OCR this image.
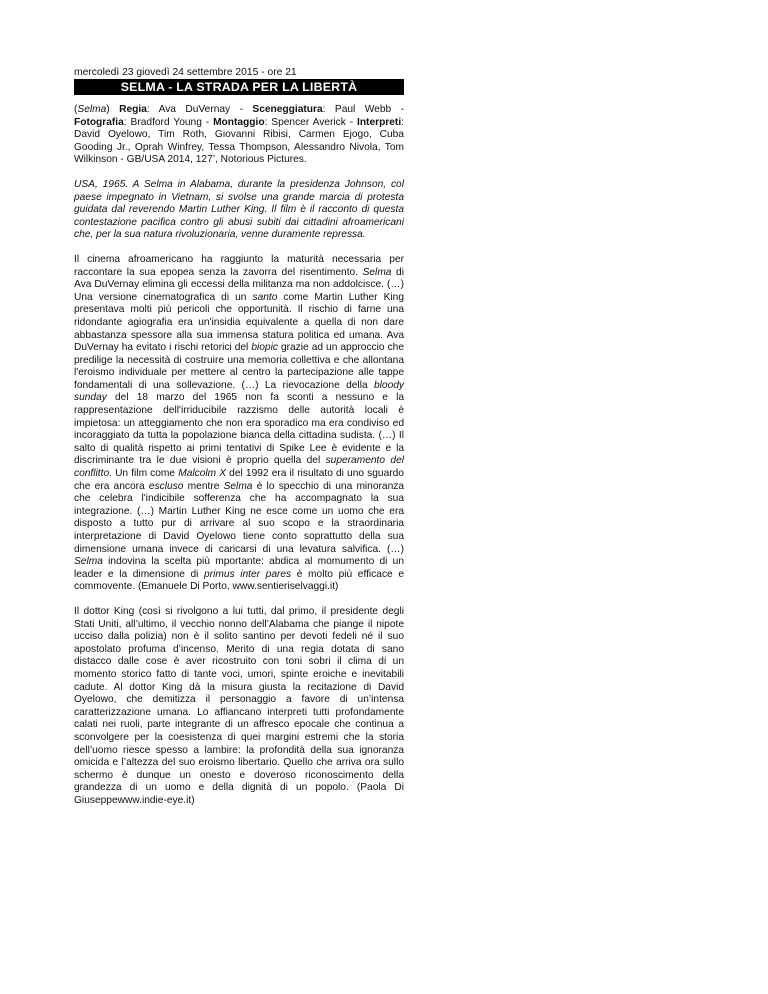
mercoledì 23 giovedì 24 settembre 2015 - ore 21
SELMA - LA STRADA PER LA LIBERTÀ

(Selma) Regia: Ava DuVernay - Sceneggiatura: Paul Webb - Fotografia: Bradford Young - Montaggio: Spencer Averick - Interpreti: David Oyelowo, Tim Roth, Giovanni Ribisi, Carmen Ejogo, Cuba Gooding Jr., Oprah Winfrey, Tessa Thompson, Alessandro Nivola, Tom Wilkinson - GB/USA 2014, 127’, Notorious Pictures.

USA, 1965. A Selma in Alabama, durante la presidenza Johnson, col paese impegnato in Vietnam, si svolse una grande marcia di protesta guidata dal reverendo Martin Luther King. Il film è il racconto di questa contestazione pacifica contro gli abusi subiti dai cittadini afroamericani che, per la sua natura rivoluzionaria, venne duramente repressa.

Il cinema afroamericano ha raggiunto la maturità necessaria per raccontare la sua epopea senza la zavorra del risentimento. Selma di Ava DuVernay elimina gli eccessi della militanza ma non addolcisce. (…) Una versione cinematografica di un santo come Martin Luther King presentava molti più pericoli che opportunità. Il rischio di farne una ridondante agiografia era un'insidia equivalente a quella di non dare abbastanza spessore alla sua immensa statura politica ed umana. Ava DuVernay ha evitato i rischi retorici del biopic grazie ad un approccio che predilige la necessità di costruire una memoria collettiva e che allontana l'eroismo individuale per mettere al centro la partecipazione alle tappe fondamentali di una sollevazione. (…) La rievocazione della bloody sunday del 18 marzo del 1965 non fa sconti a nessuno e la rappresentazione dell'irriducibile razzismo delle autorità locali è impietosa: un atteggiamento che non era sporadico ma era condiviso ed incoraggiato da tutta la popolazione bianca della cittadina sudista. (…) Il salto di qualità rispetto ai primi tentativi di Spike Lee è evidente e la discriminante tra le due visioni è proprio quella del superamento del conflitto. Un film come Malcolm X del 1992 era il risultato di uno sguardo che era ancora escluso mentre Selma è lo specchio di una minoranza che celebra l'indicibile sofferenza che ha accompagnato la sua integrazione. (…) Martin Luther King ne esce come un uomo che era disposto a tutto pur di arrivare al suo scopo e la straordinaria interpretazione di David Oyelowo tiene conto soprattutto della sua dimensione umana invece di caricarsi di una levatura salvifica. (…) Selma indovina la scelta più mportante: abdica al momumento di un leader e la dimensione di primus inter pares è molto più efficace e commovente. (Emanuele Di Porto, www.sentieriselvaggi.it)

Il dottor King (così si rivolgono a lui tutti, dal primo, il presidente degli Stati Uniti, all’ultimo, il vecchio nonno dell’Alabama che piange il nipote ucciso dalla polizia) non è il solito santino per devoti fedeli né il suo apostolato profuma d’incenso. Merito di una regia dotata di sano distacco dalle cose è aver ricostruito con toni sobri il clima di un momento storico fatto di tante voci, umori, spinte eroiche e inevitabili cadute. Al dottor King dà la misura giusta la recitazione di David Oyelowo, che demitizza il personaggio a favore di un’intensa caratterizzazione umana. Lo affiancano interpreti tutti profondamente calati nei ruoli, parte integrante di un affresco epocale che continua a sconvolgere per la coesistenza di quei margini estremi che la storia dell’uomo riesce spesso a lambire: la profondità della sua ignoranza omicida e l’altezza del suo eroismo libertario. Quello che arriva ora sullo schermo è dunque un onesto e doveroso riconoscimento della grandezza di un uomo e della dignità di un popolo. (Paola Di Giuseppewww.indie-eye.it)
